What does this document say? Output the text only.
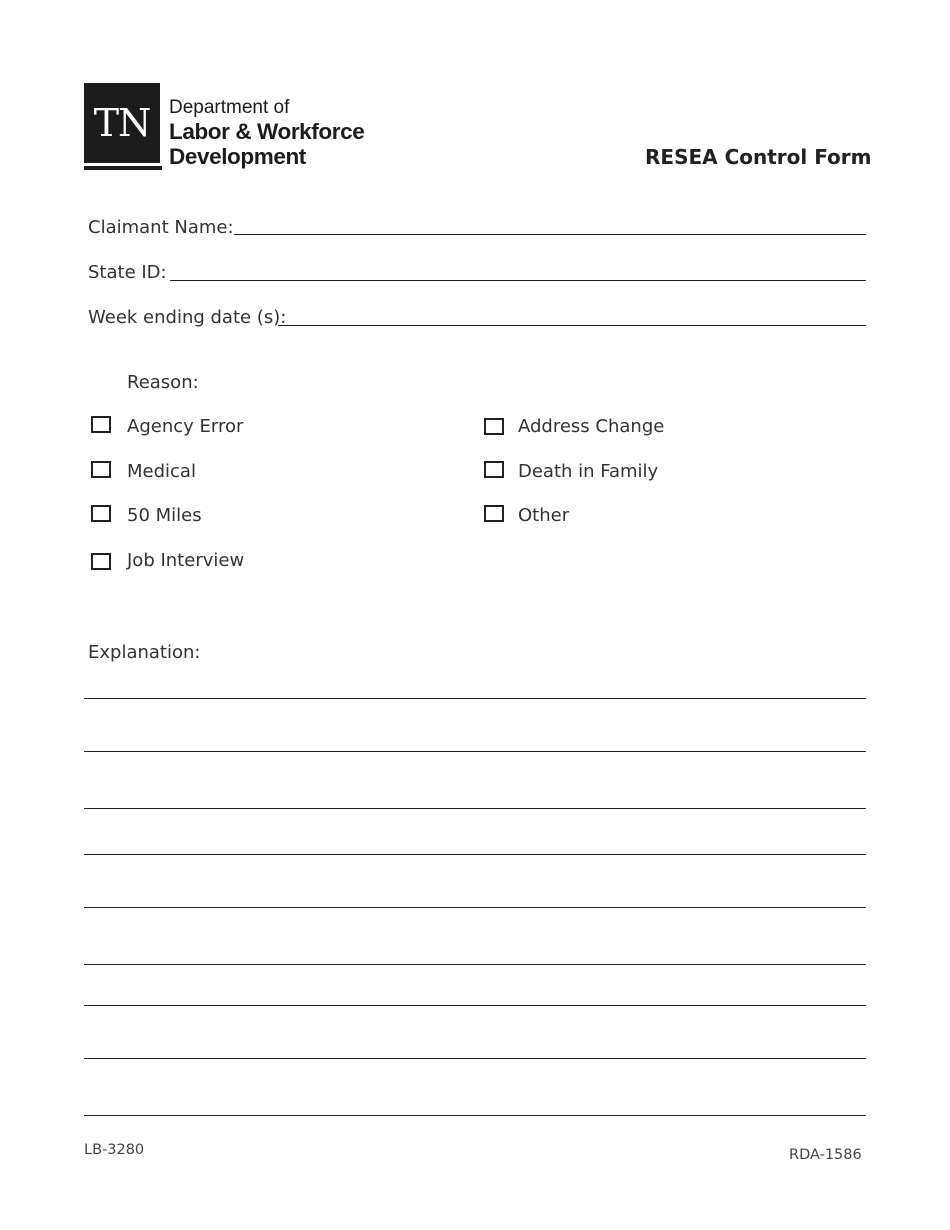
TN Department of
Labor & Workforce
Development	RESEA Control Form
Claimant Name:
State ID:
Week ending date (s):
Reason:
Agency Error
Medical
50 Miles
Job Interview
Address Change
Death in Family
Other
Explanation:
LB-3280	RDA-1586
